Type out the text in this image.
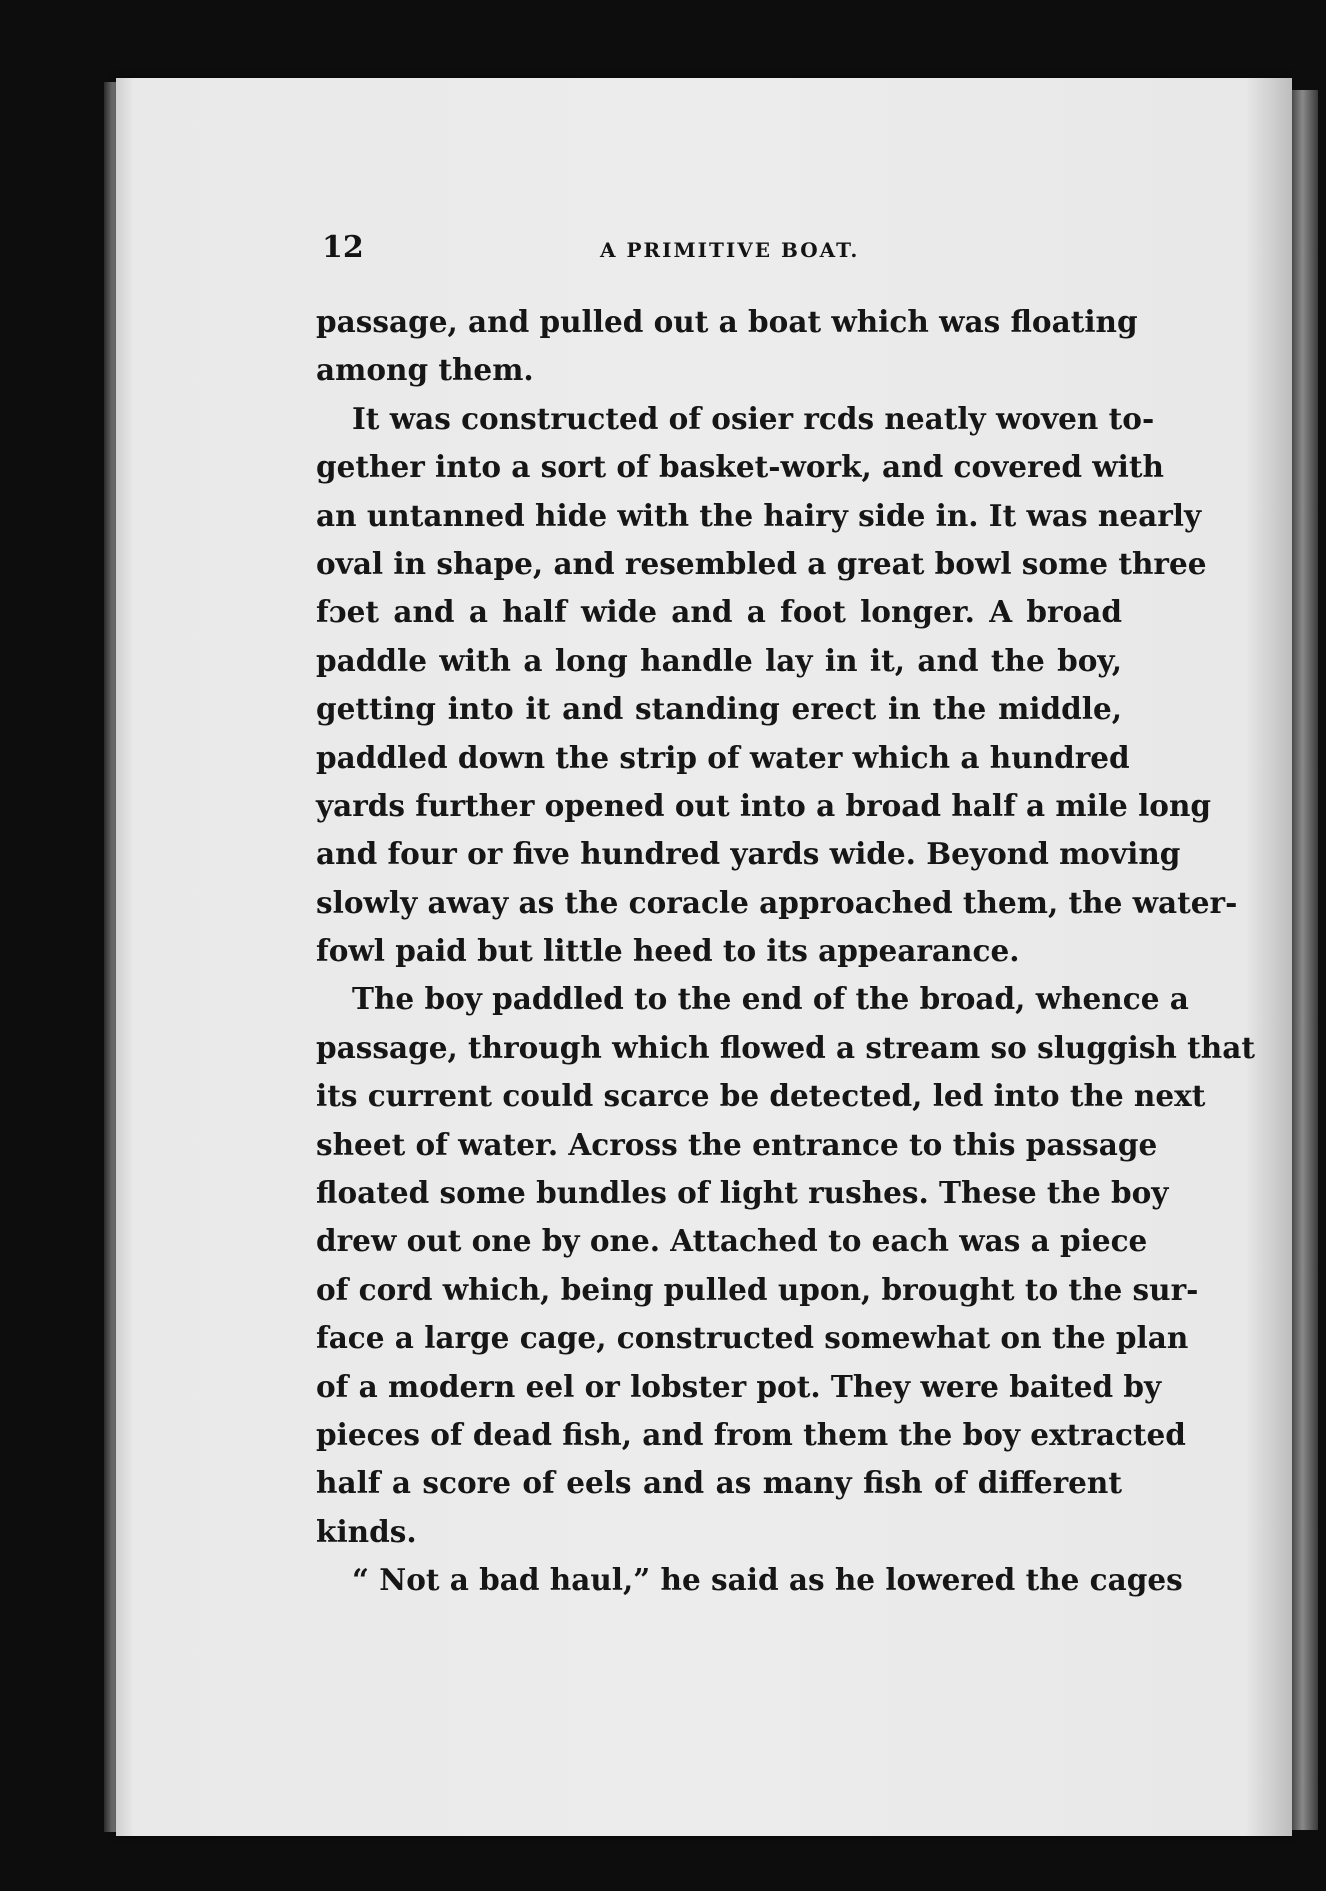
12	A PRIMITIVE BOAT.
passage, and pulled out a boat which was floating
among them.
It was constructed of osier rcds neatly woven to-
gether into a sort of basket-work, and covered with
an untanned hide with the hairy side in. It was nearly
oval in shape, and resembled a great bowl some three
fɔet and a half wide and a foot longer. A broad
paddle with a long handle lay in it, and the boy,
getting into it and standing erect in the middle,
paddled down the strip of water which a hundred
yards further opened out into a broad half a mile long
and four or five hundred yards wide. Beyond moving
slowly away as the coracle approached them, the water-
fowl paid but little heed to its appearance.
The boy paddled to the end of the broad, whence a
passage, through which flowed a stream so sluggish that
its current could scarce be detected, led into the next
sheet of water. Across the entrance to this passage
floated some bundles of light rushes. These the boy
drew out one by one. Attached to each was a piece
of cord which, being pulled upon, brought to the sur-
face a large cage, constructed somewhat on the plan
of a modern eel or lobster pot. They were baited by
pieces of dead fish, and from them the boy extracted
half a score of eels and as many fish of different
kinds.
“ Not a bad haul,” he said as he lowered the cages
